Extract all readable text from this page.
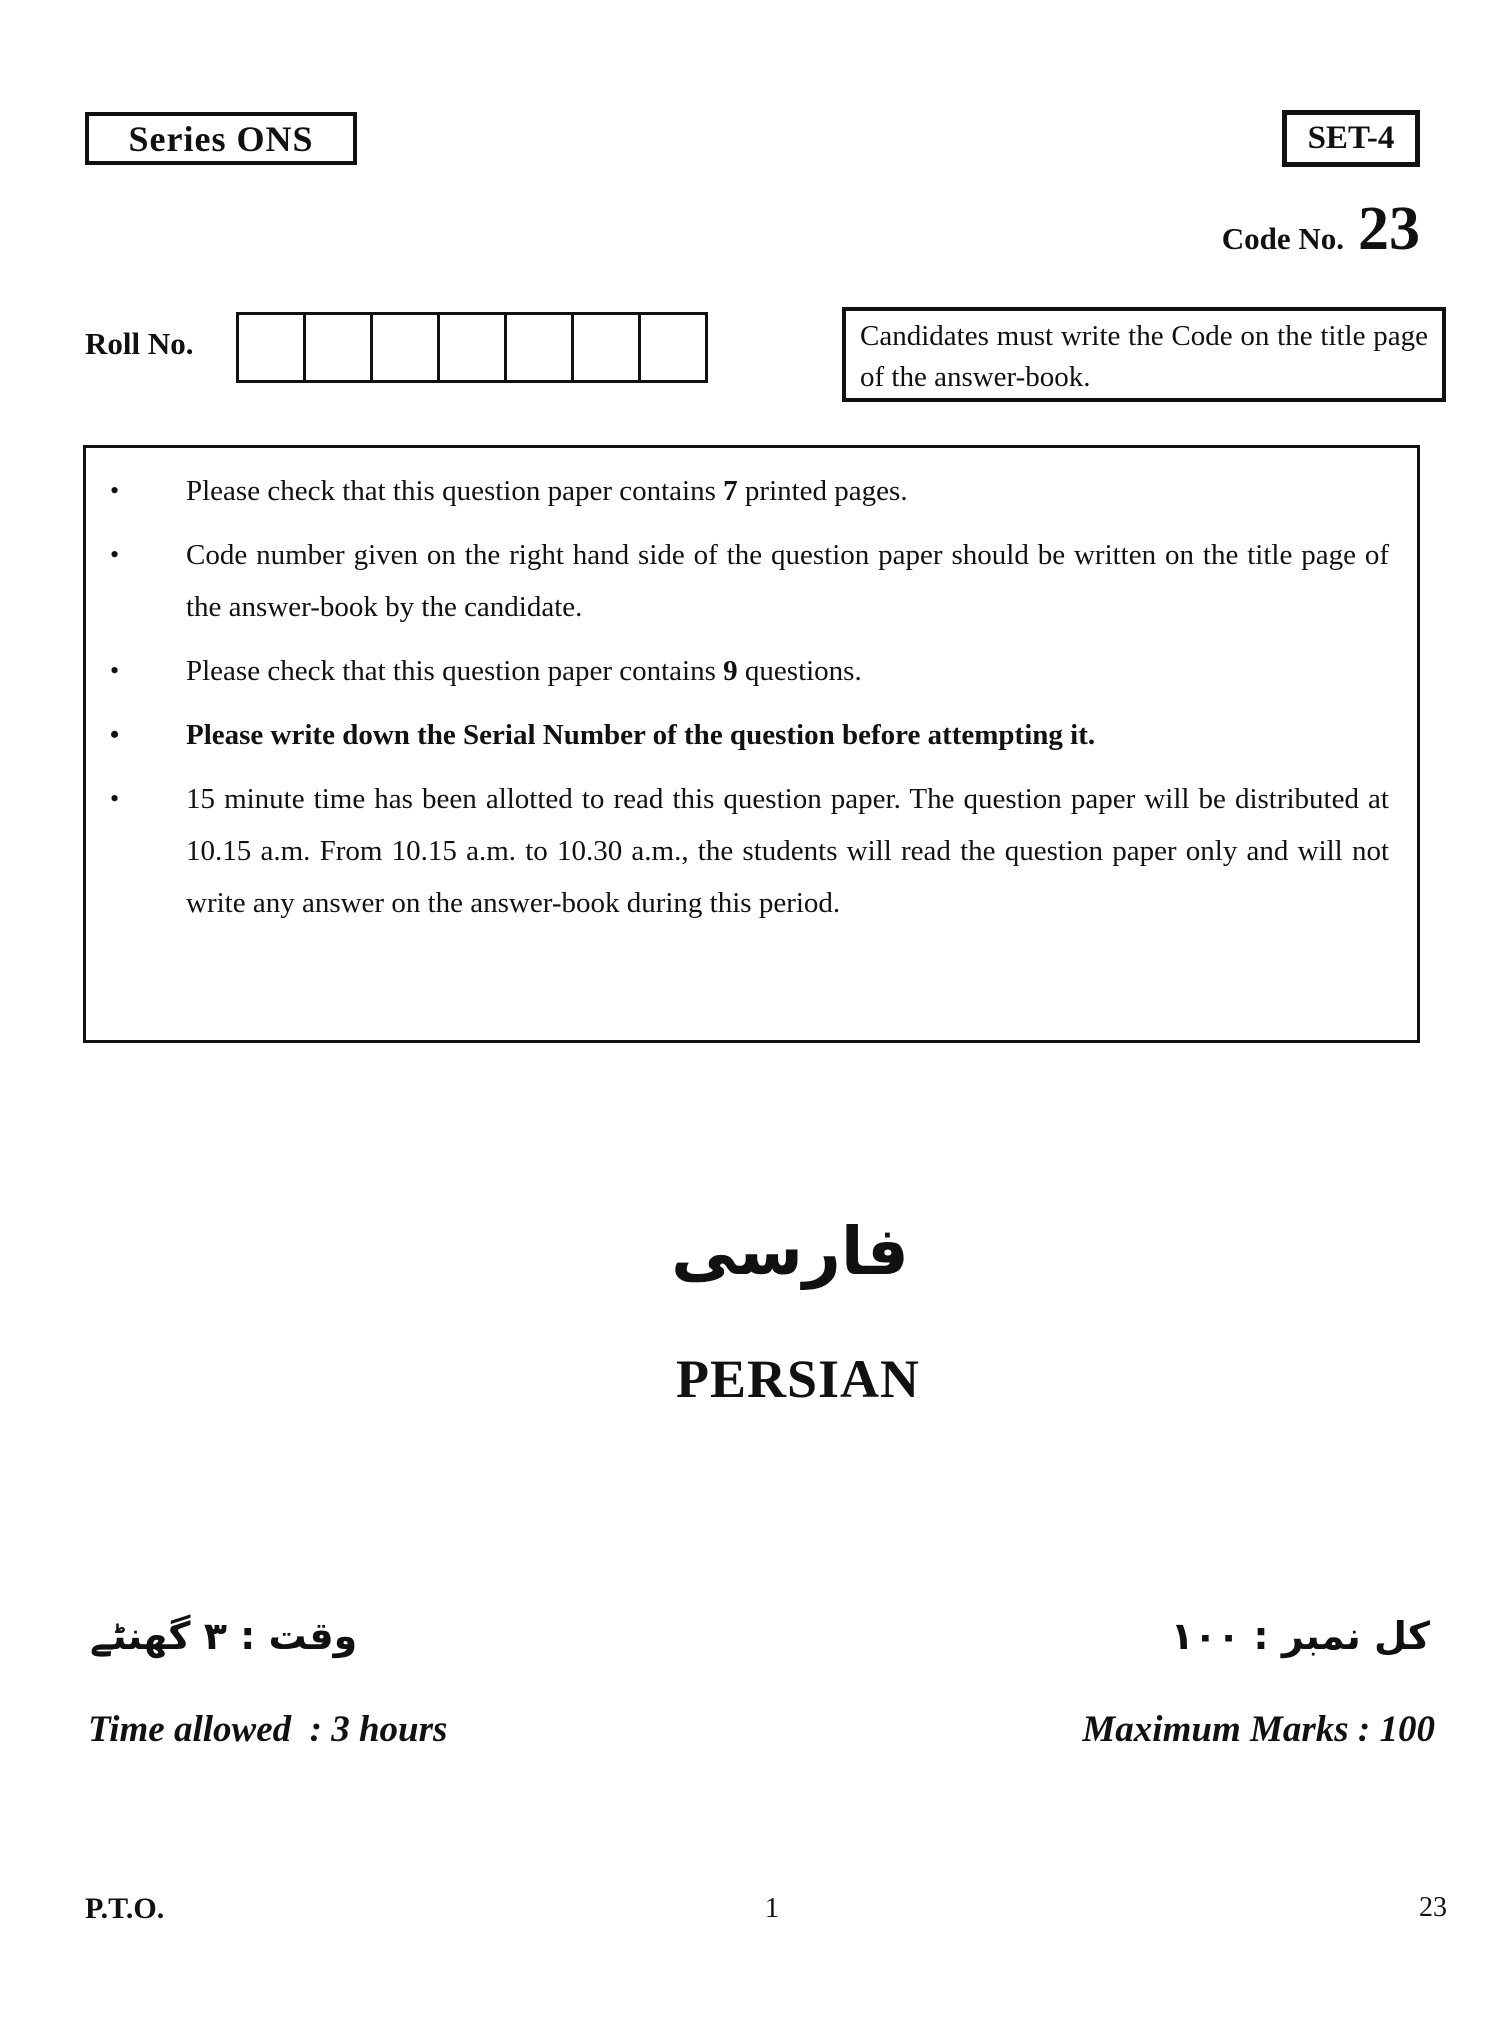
Series ONS	SET-4
Code No. 23
Roll No.	Candidates must write the Code on the title page of the answer-book.
•	Please check that this question paper contains 7 printed pages.

•	Code number given on the right hand side of the question paper should be written on the title page of the answer-book by the candidate.

•	Please check that this question paper contains 9 questions.

•	Please write down the Serial Number of the question before attempting it.

•	15 minute time has been allotted to read this question paper. The question paper will be distributed at 10.15 a.m. From 10.15 a.m. to 10.30 a.m., the students will read the question paper only and will not write any answer on the answer-book during this period.

فارسی
PERSIAN
وقت : ۳ گھنٹے	کل نمبر : ۱۰۰
Time allowed  : 3 hours	Maximum Marks : 100
P.T.O.	1	23
